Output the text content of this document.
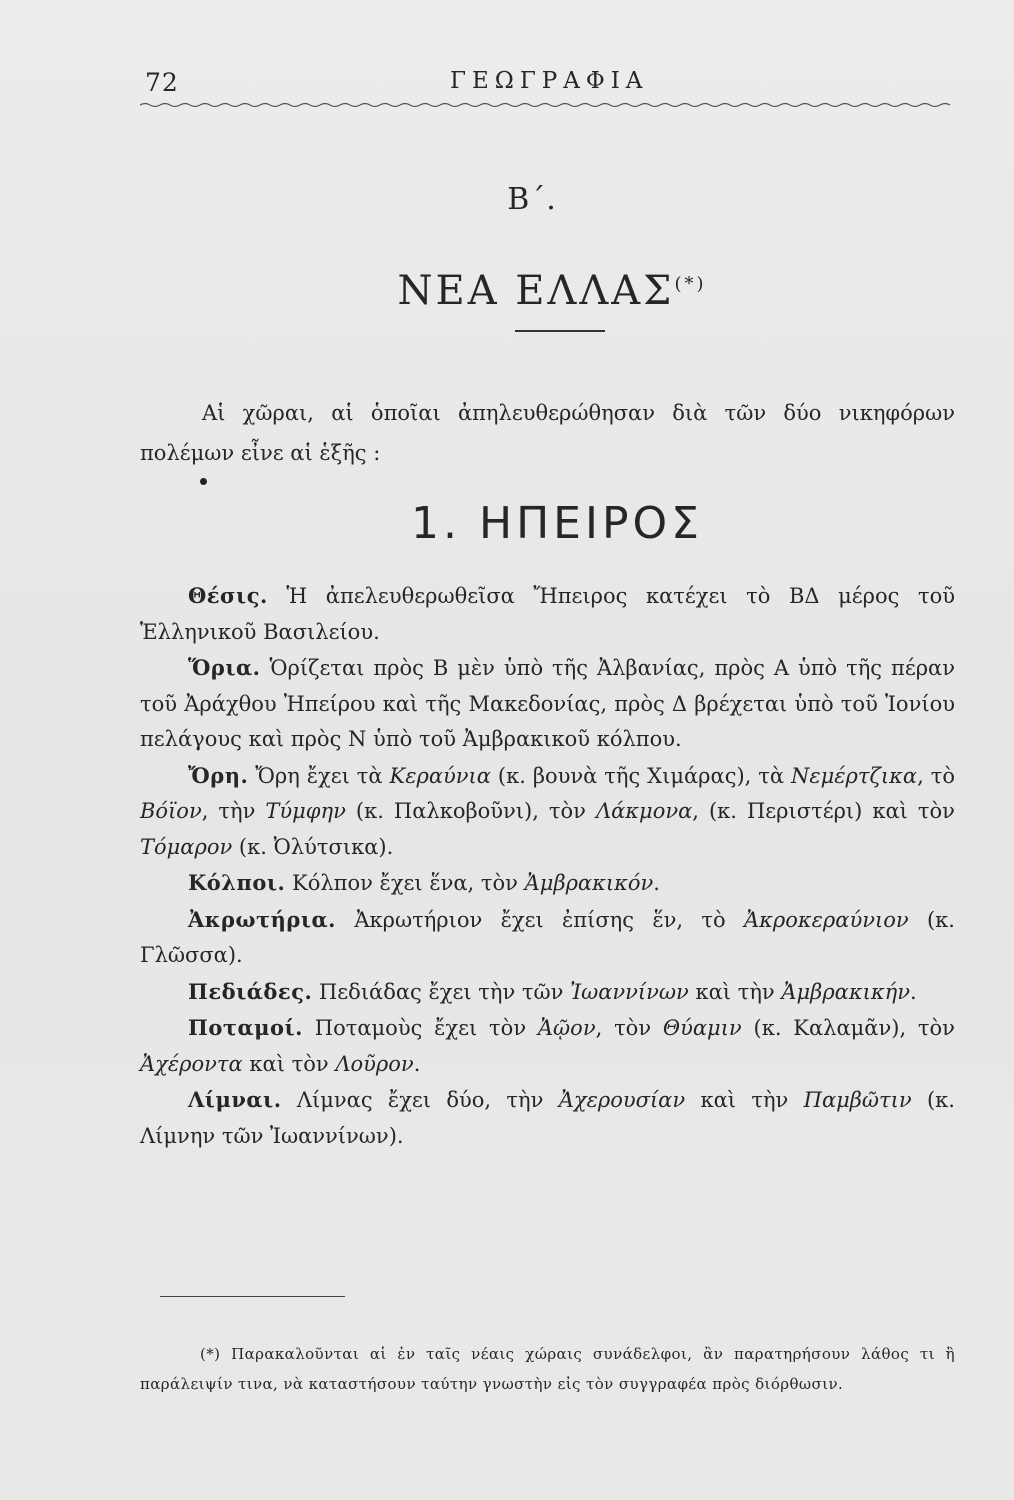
72	ΓΕΩΓΡΑΦΙΑ
Β΄.
ΝΕΑ ΕΛΛΑΣ(*)

Αἱ χῶραι, αἱ ὁποῖαι ἀπηλευθερώθησαν διὰ τῶν δύο νικηφόρων πολέμων εἶνε αἱ ἑξῆς :

1. ΗΠΕΙΡΟΣ

Θέσις. Ἡ ἀπελευθερωθεῖσα Ἤπειρος κατέχει τὸ ΒΔ μέρος τοῦ Ἑλληνικοῦ Βασιλείου.

Ὅρια. Ὁρίζεται πρὸς Β μὲν ὑπὸ τῆς Ἀλβανίας, πρὸς Α ὑπὸ τῆς πέραν τοῦ Ἀράχθου Ἠπείρου καὶ τῆς Μακεδονίας, πρὸς Δ βρέχεται ὑπὸ τοῦ Ἰονίου πελάγους καὶ πρὸς Ν ὑπὸ τοῦ Ἀμβρακικοῦ κόλπου.

Ὄρη. Ὄρη ἔχει τὰ Κεραύνια (κ. βουνὰ τῆς Χιμάρας), τὰ Νεμέρτζικα, τὸ Βόϊον, τὴν Τύμφην (κ. Παλκοβοῦνι), τὸν Λάκμονα, (κ. Περιστέρι) καὶ τὸν Τόμαρον (κ. Ὀλύτσικα).

Κόλποι. Κόλπον ἔχει ἕνα, τὸν Ἀμβρακικόν.

Ἀκρωτήρια. Ἀκρωτήριον ἔχει ἐπίσης ἕν, τὸ Ἀκροκεραύνιον (κ. Γλῶσσα).

Πεδιάδες. Πεδιάδας ἔχει τὴν τῶν Ἰωαννίνων καὶ τὴν Ἀμβρακικήν.

Ποταμοί. Ποταμοὺς ἔχει τὸν Ἀῷον, τὸν Θύαμιν (κ. Καλαμᾶν), τὸν Ἀχέροντα καὶ τὸν Λοῦρον.

Λίμναι. Λίμνας ἔχει δύο, τὴν Ἀχερουσίαν καὶ τὴν Παμβῶτιν (κ. Λίμνην τῶν Ἰωαννίνων).

(*) Παρακαλοῦνται αἱ ἐν ταῖς νέαις χώραις συνάδελφοι, ἂν παρατηρήσουν λάθος τι ἢ παράλειψίν τινα, νὰ καταστήσουν ταύτην γνωστὴν εἰς τὸν συγγραφέα πρὸς διόρθωσιν.
